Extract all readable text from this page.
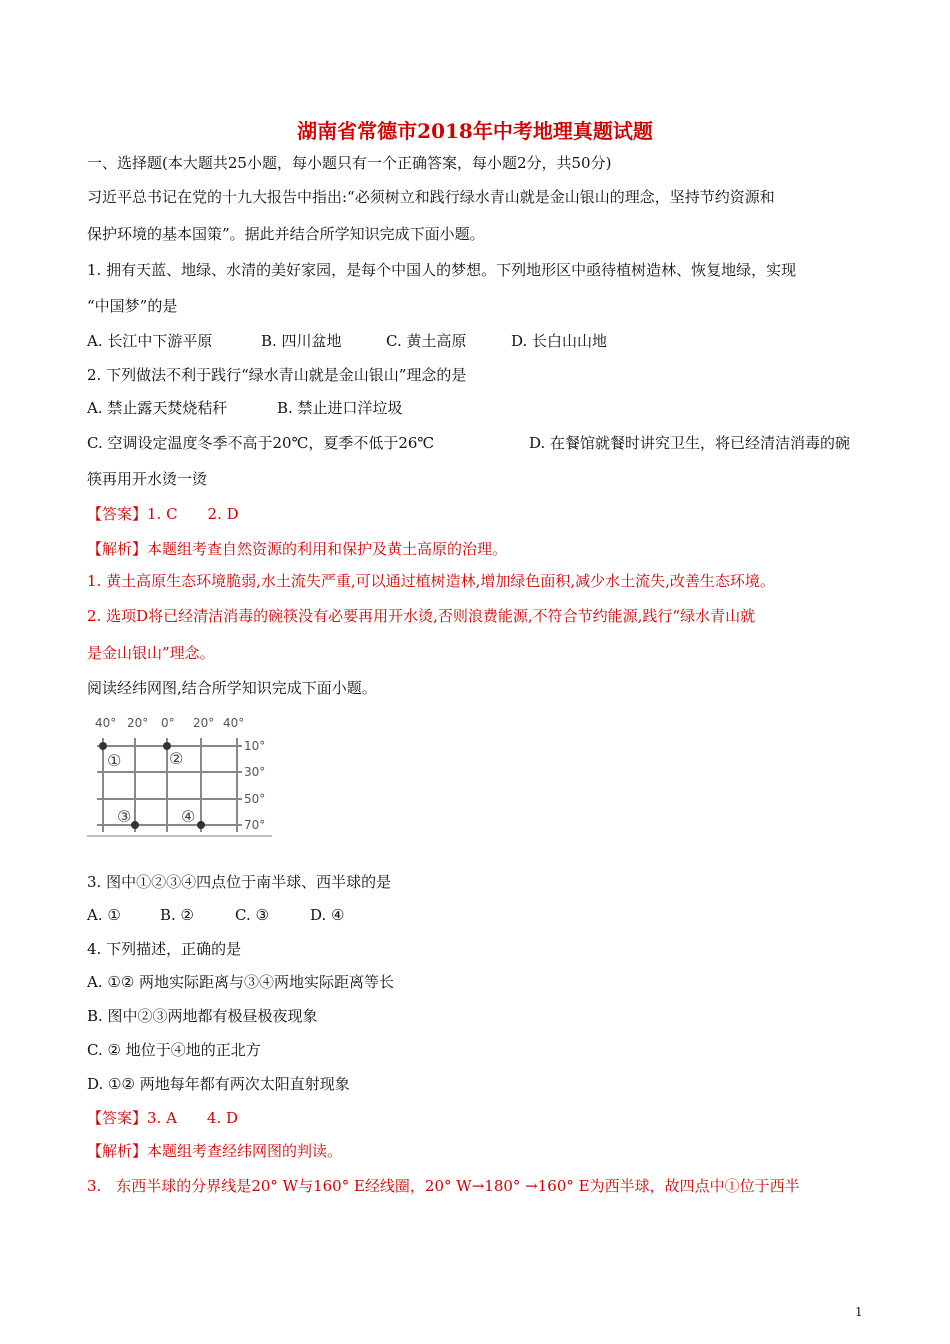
湖南省常德市2018年中考地理真题试题
一、选择题(本大题共25小题，每小题只有一个正确答案，每小题2分，共50分)
习近平总书记在党的十九大报告中指出:“必须树立和践行绿水青山就是金山银山的理念，坚持节约资源和
保护环境的基本国策”。据此并结合所学知识完成下面小题。
1. 拥有天蓝、地绿、水清的美好家园，是每个中国人的梦想。下列地形区中亟待植树造林、恢复地绿，实现
“中国梦”的是
A. 长江中下游平原	B. 四川盆地	C. 黄土高原	D. 长白山山地
2. 下列做法不利于践行“绿水青山就是金山银山”理念的是
A. 禁止露天焚烧秸秆	B. 禁止进口洋垃圾
C. 空调设定温度冬季不高于20℃，夏季不低于26℃	D. 在餐馆就餐时讲究卫生，将已经清洁消毒的碗
筷再用开水烫一烫
【答案】1. C　　2. D
【解析】本题组考查自然资源的利用和保护及黄土高原的治理。
1. 黄土高原生态环境脆弱,水土流失严重,可以通过植树造林,增加绿色面积,减少水土流失,改善生态环境。
2. 选项D将已经清洁消毒的碗筷没有必要再用开水烫,否则浪费能源,不符合节约能源,践行“绿水青山就
是金山银山”理念。
阅读经纬网图,结合所学知识完成下面小题。
40° 20° 0° 20° 40°
10°
30°
50°
70°
①	②
③	④
3. 图中①②③④四点位于南半球、西半球的是
A. ①	B. ②	C. ③	D. ④
4. 下列描述，正确的是
A. ①② 两地实际距离与③④两地实际距离等长
B. 图中②③两地都有极昼极夜现象
C. ② 地位于④地的正北方
D. ①② 两地每年都有两次太阳直射现象
【答案】3. A　　4. D
【解析】本题组考查经纬网图的判读。
3.　东西半球的分界线是20° W与160° E经线圈，20° W→180° →160° E为西半球，故四点中①位于西半
1
